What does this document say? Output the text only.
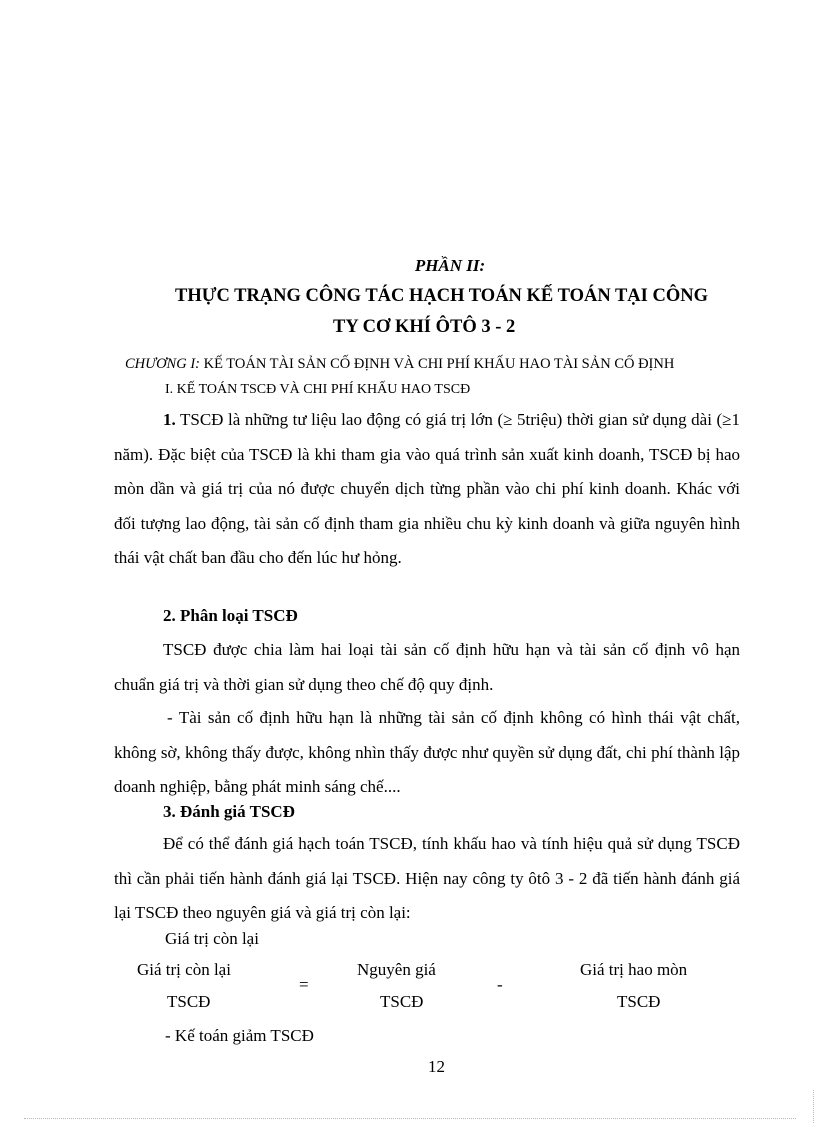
PHẦN II:
THỰC TRẠNG CÔNG TÁC HẠCH TOÁN KẾ TOÁN TẠI CÔNG
TY CƠ KHÍ ÔTÔ 3 - 2
CHƯƠNG I: KẾ TOÁN TÀI SẢN CỐ ĐỊNH VÀ CHI PHÍ KHẤU HAO TÀI SẢN CỐ ĐỊNH
I. KẾ TOÁN TSCĐ VÀ CHI PHÍ KHẤU HAO TSCĐ
1. TSCĐ là những tư liệu lao động có giá trị lớn (≥ 5triệu) thời gian sử dụng dài (≥1 năm). Đặc biệt của TSCĐ là khi tham gia vào quá trình sản xuất kinh doanh, TSCĐ bị hao mòn dần và giá trị của nó được chuyển dịch từng phần vào chi phí kinh doanh. Khác với đối tượng lao động, tài sản cố định tham gia nhiều chu kỳ kinh doanh và giữa nguyên hình thái vật chất ban đầu cho đến lúc hư hỏng.
2. Phân loại TSCĐ
TSCĐ được chia làm hai loại tài sản cố định hữu hạn và tài sản cố định vô hạn chuẩn giá trị và thời gian sử dụng theo chế độ quy định.
- Tài sản cố định hữu hạn là những tài sản cố định không có hình thái vật chất, không sờ, không thấy được, không nhìn thấy được như quyền sử dụng đất, chi phí thành lập doanh nghiệp, bằng phát minh sáng chế....
3. Đánh giá TSCĐ
Để có thể đánh giá hạch toán TSCĐ, tính khấu hao và tính hiệu quả sử dụng TSCĐ thì cần phải tiến hành đánh giá lại TSCĐ. Hiện nay công ty ôtô 3 - 2 đã tiến hành đánh giá lại TSCĐ theo nguyên giá và giá trị còn lại:
Giá trị còn lại
Giá trị còn lại
TSCĐ
=
Nguyên giá
TSCĐ
-
Giá trị hao mòn
TSCĐ
- Kế toán giảm TSCĐ
12
